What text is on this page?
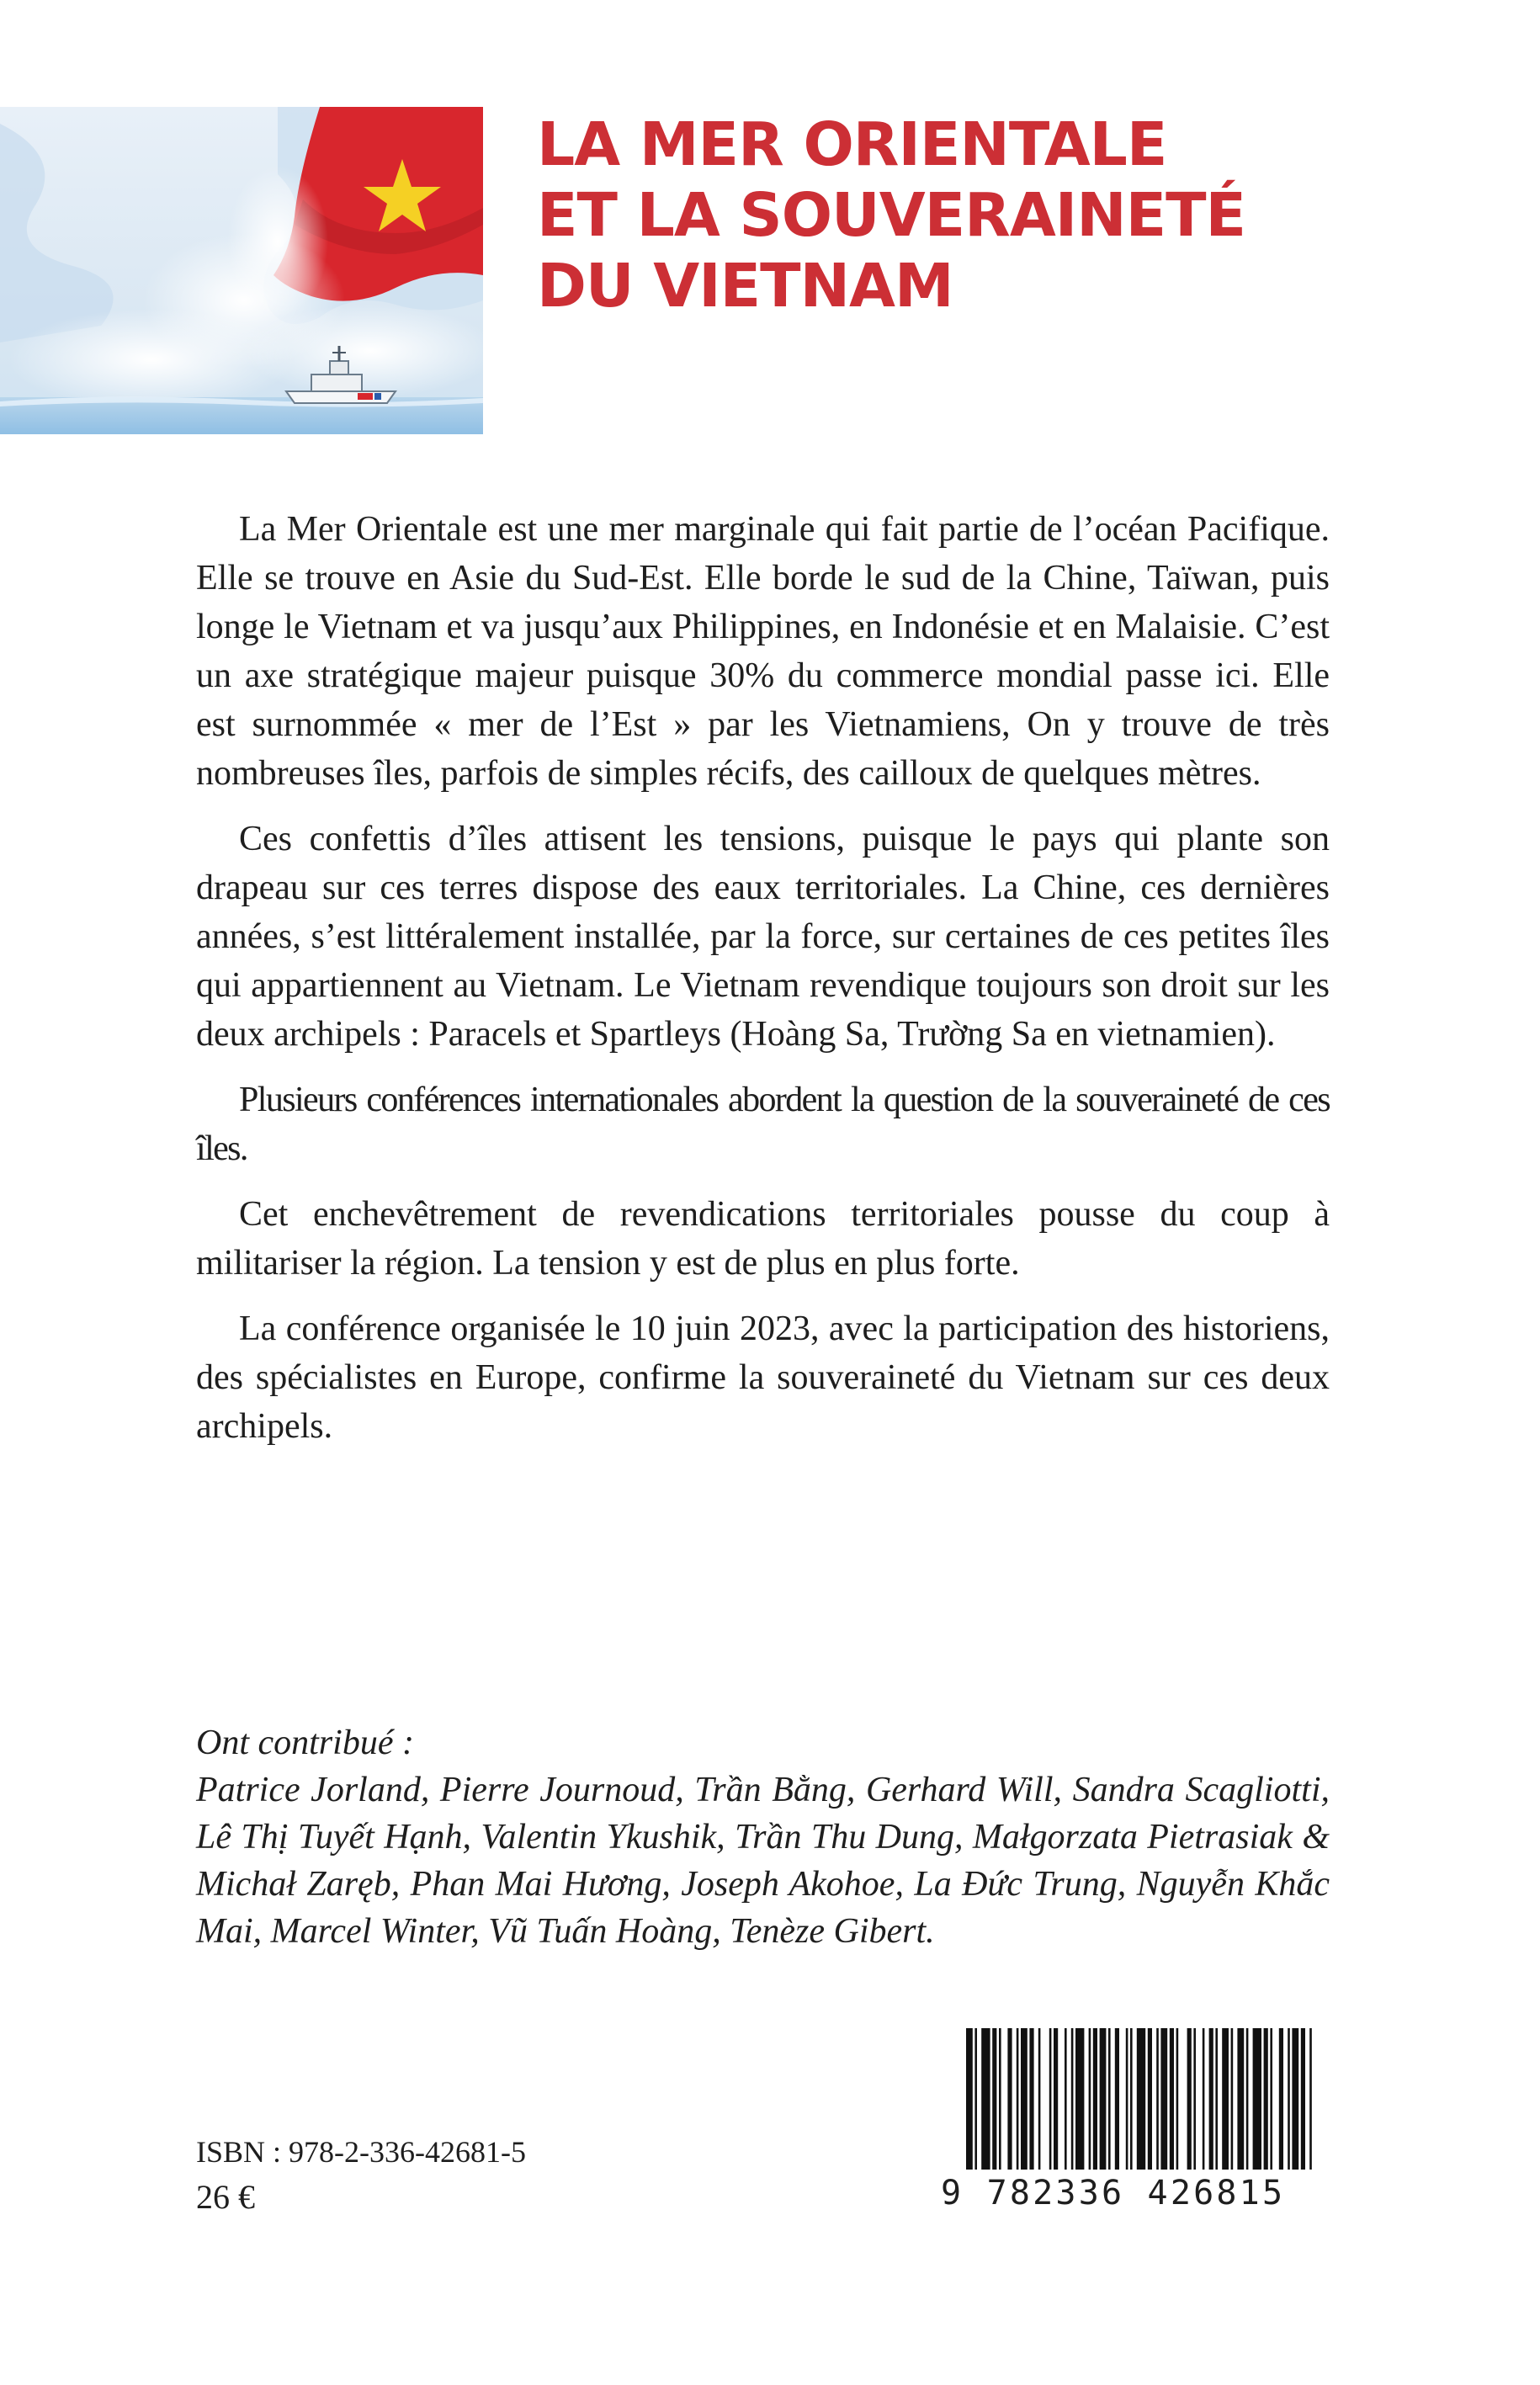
LA MER ORIENTALE
ET LA SOUVERAINETÉ
DU VIETNAM

La Mer Orientale est une mer marginale qui fait partie de l’océan Pacifique. Elle se trouve en Asie du Sud-Est. Elle borde le sud de la Chine, Taïwan, puis longe le Vietnam et va jusqu’aux Philippines, en Indonésie et en Malaisie. C’est un axe stratégique majeur puisque 30% du commerce mondial passe ici. Elle est surnommée « mer de l’Est » par les Vietnamiens, On y trouve de très nombreuses îles, parfois de simples récifs, des cailloux de quelques mètres.

Ces confettis d’îles attisent les tensions, puisque le pays qui plante son drapeau sur ces terres dispose des eaux territoriales. La Chine, ces dernières années, s’est littéralement installée, par la force, sur certaines de ces petites îles qui appartiennent au Vietnam. Le Vietnam revendique toujours son droit sur les deux archipels : Paracels et Spartleys (Hoàng Sa, Trường Sa en vietnamien).

Plusieurs conférences internationales abordent la question de la souveraineté de ces îles.

Cet enchevêtrement de revendications territoriales pousse du coup à militariser la région. La tension y est de plus en plus forte.

La conférence organisée le 10 juin 2023, avec la participation des historiens, des spécialistes en Europe, confirme la souveraineté du Vietnam sur ces deux archipels.

Ont contribué :
Patrice Jorland, Pierre Journoud, Trần Bằng, Gerhard Will, Sandra Scagliotti, Lê Thị Tuyết Hạnh, Valentin Ykushik, Trần Thu Dung, Małgorzata Pietrasiak & Michał Zaręb, Phan Mai Hương, Joseph Akohoe, La Đức Trung, Nguyễn Khắc Mai, Marcel Winter, Vũ Tuấn Hoàng, Tenèze Gibert.
ISBN : 978-2-336-42681-5
26 €	9 782336 426815
